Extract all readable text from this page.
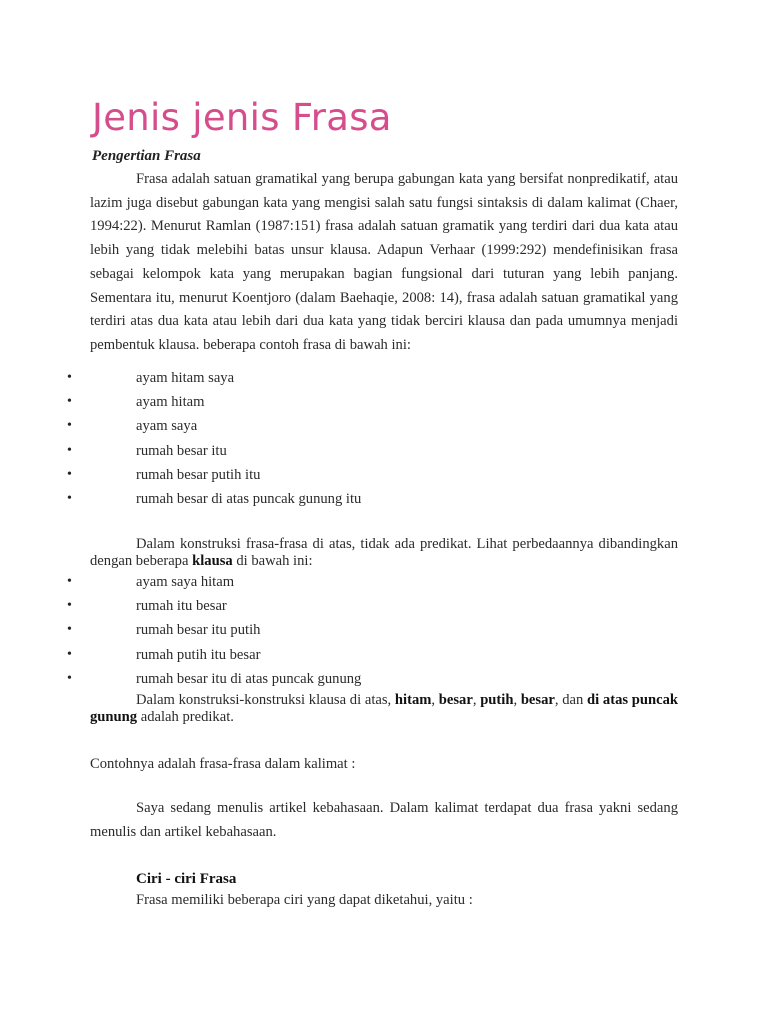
Jenis jenis Frasa
Pengertian Frasa

Frasa adalah satuan gramatikal yang berupa gabungan kata yang bersifat nonpredikatif, atau lazim juga disebut gabungan kata yang mengisi salah satu fungsi sintaksis di dalam kalimat (Chaer, 1994:22). Menurut Ramlan (1987:151) frasa adalah satuan gramatik yang terdiri dari dua kata atau lebih yang tidak melebihi batas unsur klausa. Adapun Verhaar (1999:292) mendefinisikan frasa sebagai kelompok kata yang merupakan bagian fungsional dari tuturan yang lebih panjang. Sementara itu, menurut Koentjoro (dalam Baehaqie, 2008: 14), frasa adalah satuan gramatikal yang terdiri atas dua kata atau lebih dari dua kata yang tidak berciri klausa dan pada umumnya menjadi pembentuk klausa. beberapa contoh frasa di bawah ini:

•	ayam hitam saya
•	ayam hitam
•	ayam saya
•	rumah besar itu
•	rumah besar putih itu
•	rumah besar di atas puncak gunung itu

Dalam konstruksi frasa-frasa di atas, tidak ada predikat. Lihat perbedaannya dibandingkan dengan beberapa klausa di bawah ini:

•	ayam saya hitam
•	rumah itu besar
•	rumah besar itu putih
•	rumah putih itu besar
•	rumah besar itu di atas puncak gunung

Dalam konstruksi-konstruksi klausa di atas, hitam, besar, putih, besar, dan di atas puncak gunung adalah predikat.

Contohnya adalah frasa-frasa dalam kalimat :

Saya sedang menulis artikel kebahasaan. Dalam kalimat terdapat dua frasa yakni sedang menulis dan artikel kebahasaan.

Ciri - ciri Frasa
Frasa memiliki beberapa ciri yang dapat diketahui, yaitu :
